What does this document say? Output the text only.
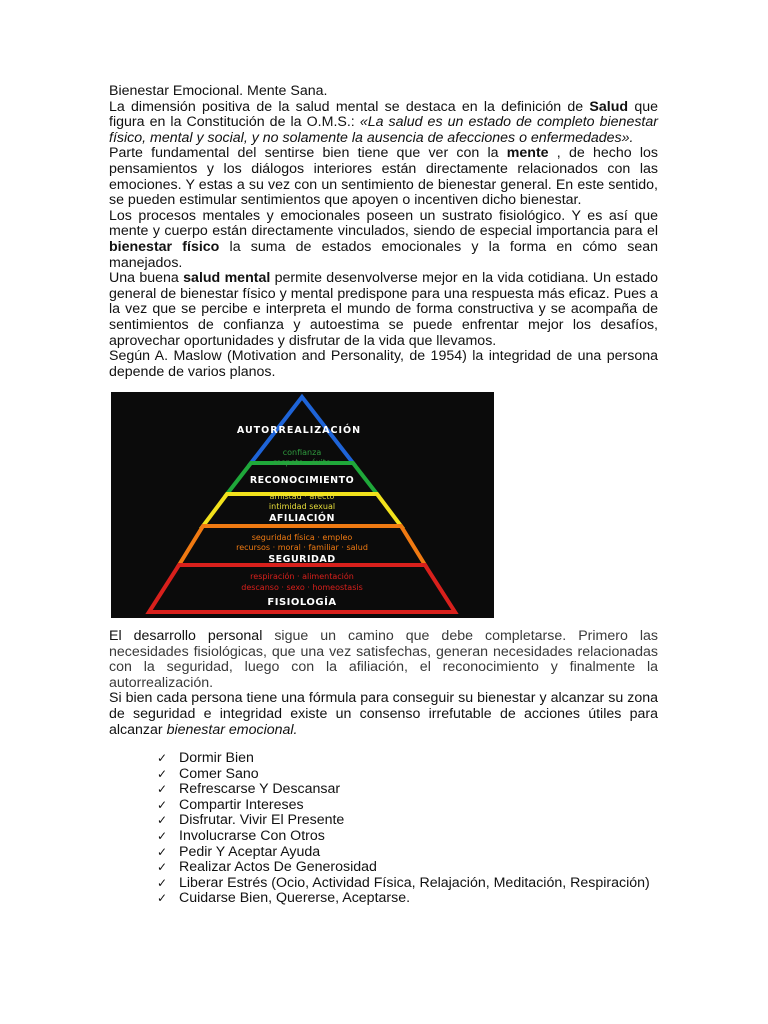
Bienestar Emocional. Mente Sana.

La dimensión positiva de la salud mental se destaca en la definición de Salud que figura en la Constitución de la O.M.S.: «La salud es un estado de completo bienestar físico, mental y social, y no solamente la ausencia de afecciones o enfermedades».

Parte fundamental del sentirse bien tiene que ver con la mente , de hecho los pensamientos y los diálogos interiores están directamente relacionados con las emociones. Y estas a su vez con un sentimiento de bienestar general. En este sentido, se pueden estimular sentimientos que apoyen o incentiven dicho bienestar.

Los procesos mentales y emocionales poseen un sustrato fisiológico. Y es así que mente y cuerpo están directamente vinculados, siendo de especial importancia para el bienestar físico la suma de estados emocionales y la forma en cómo sean manejados.

Una buena salud mental permite desenvolverse mejor en la vida cotidiana. Un estado general de bienestar físico y mental predispone para una respuesta más eficaz. Pues a la vez que se percibe e interpreta el mundo de forma constructiva y se acompaña de sentimientos de confianza y autoestima se puede enfrentar mejor los desafíos, aprovechar oportunidades y disfrutar de la vida que llevamos.

Según A. Maslow (Motivation and Personality, de 1954) la integridad de una persona depende de varios planos.

AUTORREALIZACIÓN
RECONOCIMIENTO
AFILIACIÓN
SEGURIDAD
FISIOLOGÍA
confianza
respeto · éxito
amistad · afecto
intimidad sexual
seguridad física · empleo
recursos · moral · familiar · salud
respiración · alimentación
descanso · sexo · homeostasis

El desarrollo personal sigue un camino que debe completarse. Primero las necesidades fisiológicas, que una vez satisfechas, generan necesidades relacionadas con la seguridad, luego con la afiliación, el reconocimiento y finalmente la autorrealización.

Si bien cada persona tiene una fórmula para conseguir su bienestar y alcanzar su zona de seguridad e integridad existe un consenso irrefutable de acciones útiles para alcanzar bienestar emocional.

✓ Dormir Bien
✓ Comer Sano
✓ Refrescarse Y Descansar
✓ Compartir Intereses
✓ Disfrutar. Vivir El Presente
✓ Involucrarse Con Otros
✓ Pedir Y Aceptar Ayuda
✓ Realizar Actos De Generosidad
✓ Liberar Estrés (Ocio, Actividad Física, Relajación, Meditación, Respiración)
✓ Cuidarse Bien, Quererse, Aceptarse.
